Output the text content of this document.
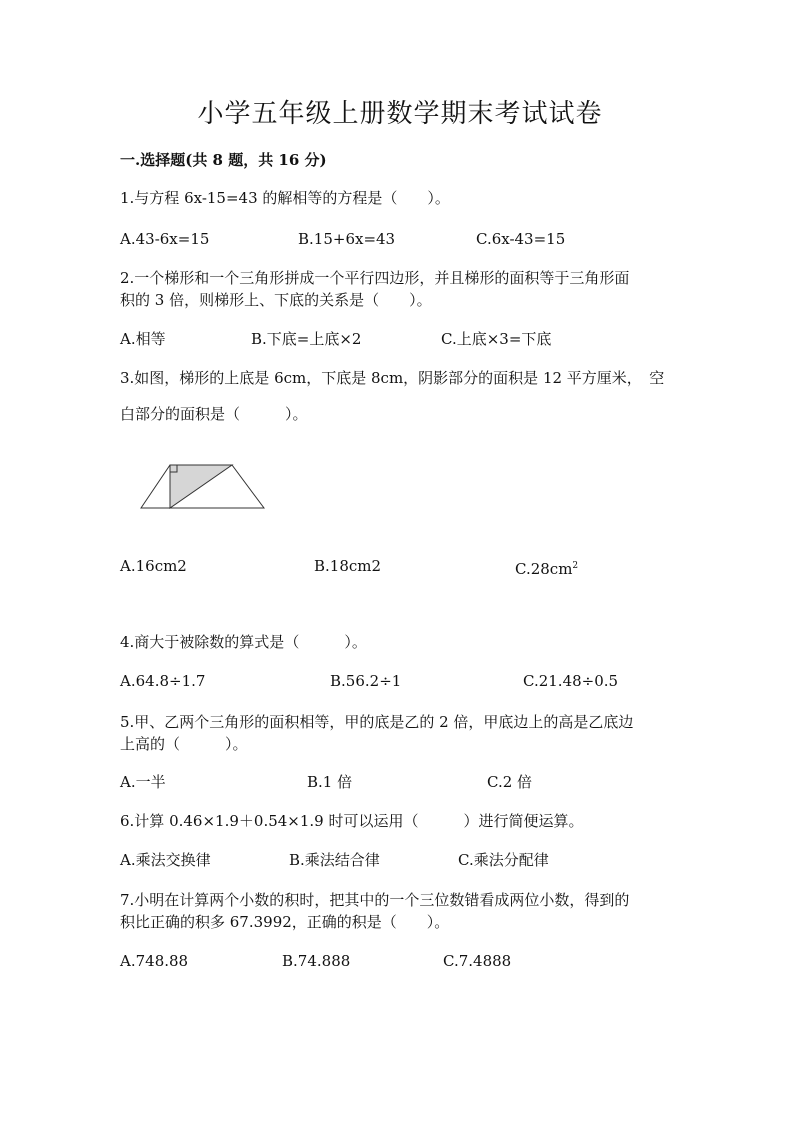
小学五年级上册数学期末考试试卷
一.选择题(共 8 题，共 16 分)
1.与方程 6x-15=43 的解相等的方程是（　　）。
A.43-6x=15	B.15+6x=43	C.6x-43=15
2.一个梯形和一个三角形拼成一个平行四边形，并且梯形的面积等于三角形面
积的 3 倍，则梯形上、下底的关系是（　　）。
A.相等	B.下底=上底×2	C.上底×3=下底
3.如图，梯形的上底是 6cm，下底是 8cm，阴影部分的面积是 12 平方厘米，　空
白部分的面积是（　　　）。
A.16cm2	B.18cm2	$C.28cm^2$
4.商大于被除数的算式是（　　　）。
A.64.8÷1.7	B.56.2÷1	C.21.48÷0.5
5.甲、乙两个三角形的面积相等，甲的底是乙的 2 倍，甲底边上的高是乙底边
上高的（　　　）。
A.一半	B.1 倍	C.2 倍
6.计算 0.46×1.9＋0.54×1.9 时可以运用（　　　）进行简便运算。
A.乘法交换律	B.乘法结合律	C.乘法分配律
7.小明在计算两个小数的积时，把其中的一个三位数错看成两位小数，得到的
积比正确的积多 67.3992，正确的积是（　　）。
A.748.88	B.74.888	C.7.4888
